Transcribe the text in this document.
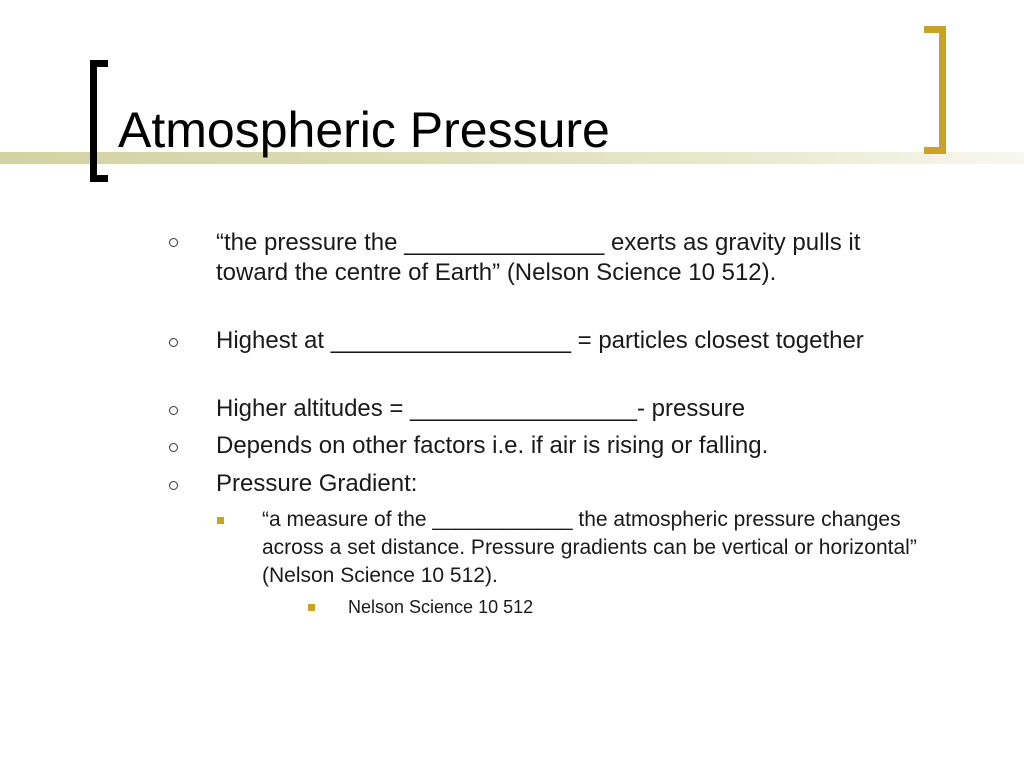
Atmospheric Pressure

“the pressure the _______________ exerts as gravity pulls it toward the centre of Earth” (Nelson Science 10 512).

Highest at __________________ = particles closest together

Higher altitudes = _________________- pressure

Depends on other factors i.e. if air is rising or falling.

Pressure Gradient:

“a measure of the ____________ the atmospheric pressure changes across a set distance. Pressure gradients can be vertical or horizontal” (Nelson Science 10 512).

Nelson Science 10 512
